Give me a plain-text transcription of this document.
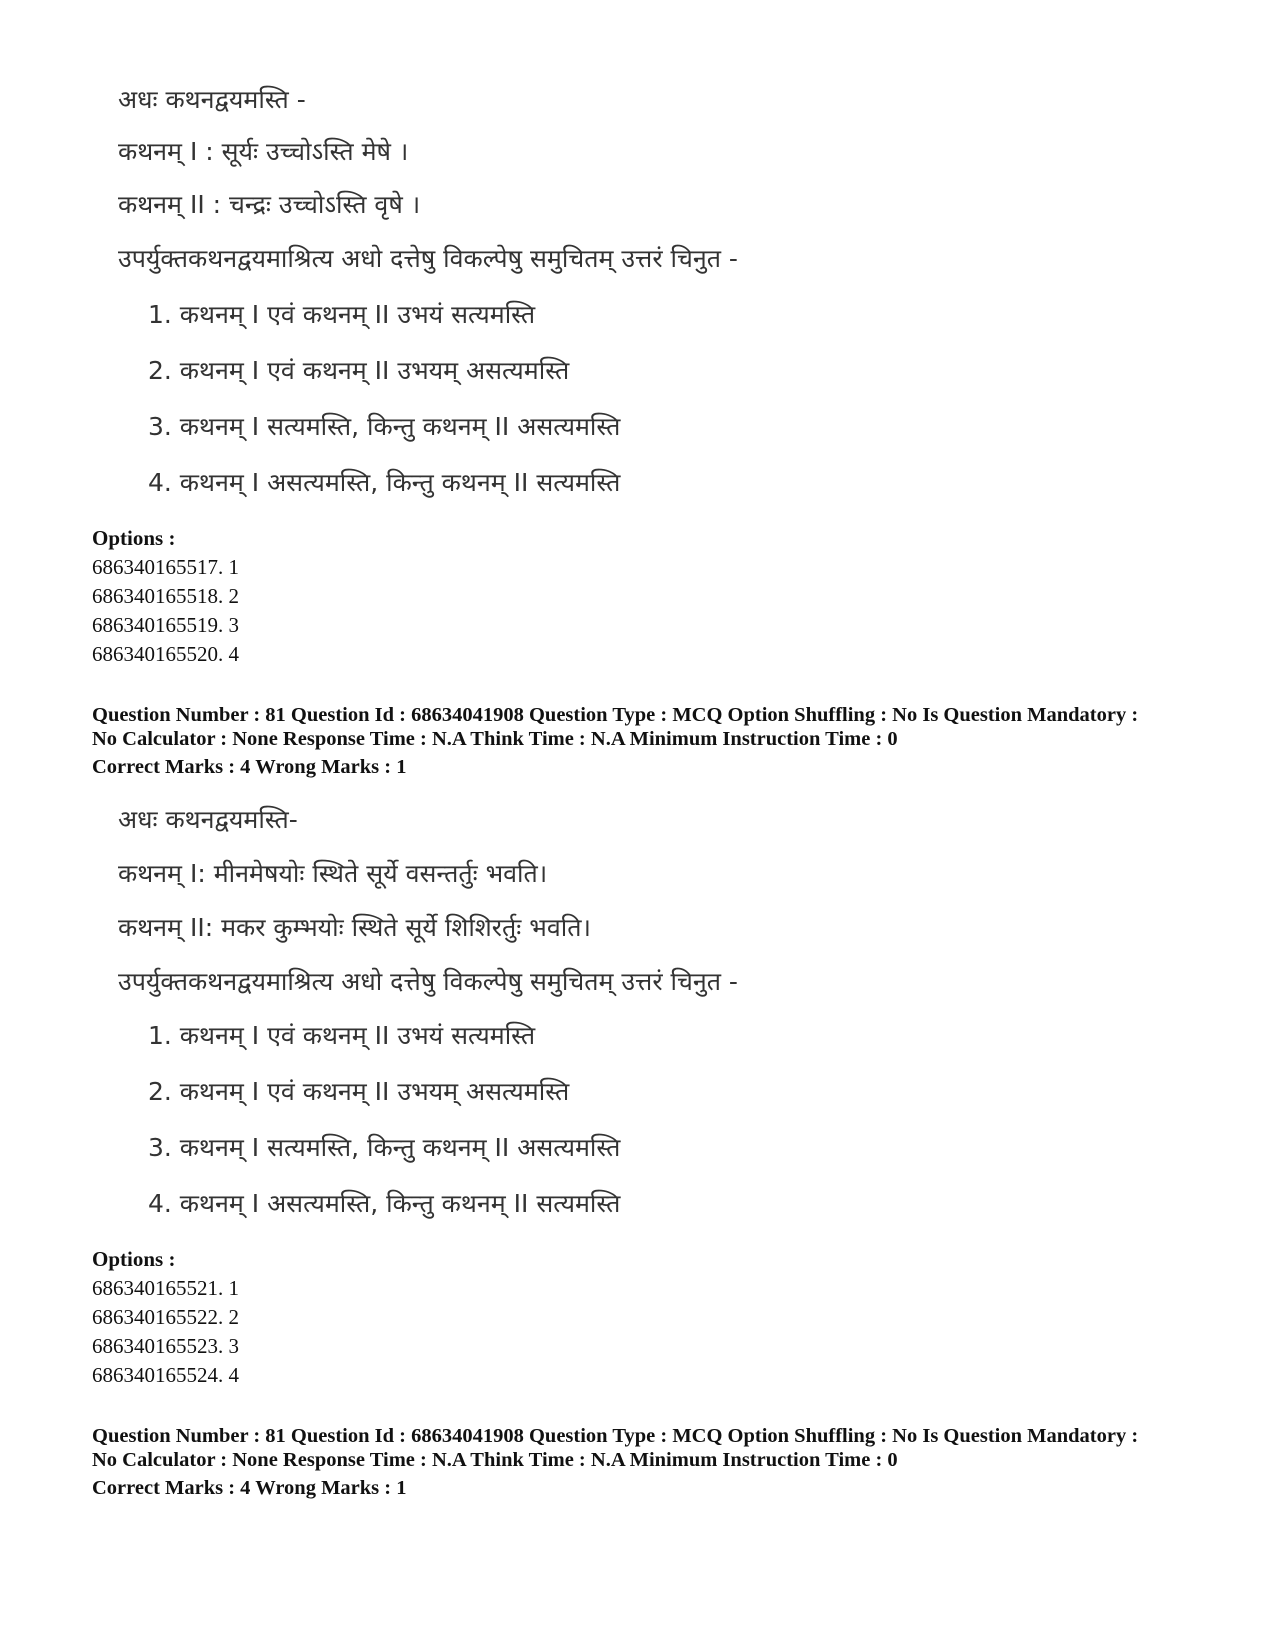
अधः कथनद्वयमस्ति -
कथनम् I : सूर्यः उच्चोऽस्ति मेषे ।
कथनम् II : चन्द्रः उच्चोऽस्ति वृषे ।
उपर्युक्तकथनद्वयमाश्रित्य अधो दत्तेषु विकल्पेषु समुचितम् उत्तरं चिनुत -
1. कथनम् I एवं कथनम् II उभयं सत्यमस्ति
2. कथनम् I एवं कथनम् II उभयम् असत्यमस्ति
3. कथनम् I सत्यमस्ति, किन्तु कथनम् II असत्यमस्ति
4. कथनम् I असत्यमस्ति, किन्तु कथनम् II सत्यमस्ति
Options :
686340165517. 1
686340165518. 2
686340165519. 3
686340165520. 4
Question Number : 81 Question Id : 68634041908 Question Type : MCQ Option Shuffling : No Is Question Mandatory :
No Calculator : None Response Time : N.A Think Time : N.A Minimum Instruction Time : 0
Correct Marks : 4 Wrong Marks : 1
अधः कथनद्वयमस्ति-
कथनम् I: मीनमेषयोः स्थिते सूर्ये वसन्तर्तुः भवति।
कथनम् II: मकर कुम्भयोः स्थिते सूर्ये शिशिरर्तुः भवति।
उपर्युक्तकथनद्वयमाश्रित्य अधो दत्तेषु विकल्पेषु समुचितम् उत्तरं चिनुत -
1. कथनम् I एवं कथनम् II उभयं सत्यमस्ति
2. कथनम् I एवं कथनम् II उभयम् असत्यमस्ति
3. कथनम् I सत्यमस्ति, किन्तु कथनम् II असत्यमस्ति
4. कथनम् I असत्यमस्ति, किन्तु कथनम् II सत्यमस्ति
Options :
686340165521. 1
686340165522. 2
686340165523. 3
686340165524. 4
Question Number : 81 Question Id : 68634041908 Question Type : MCQ Option Shuffling : No Is Question Mandatory :
No Calculator : None Response Time : N.A Think Time : N.A Minimum Instruction Time : 0
Correct Marks : 4 Wrong Marks : 1
